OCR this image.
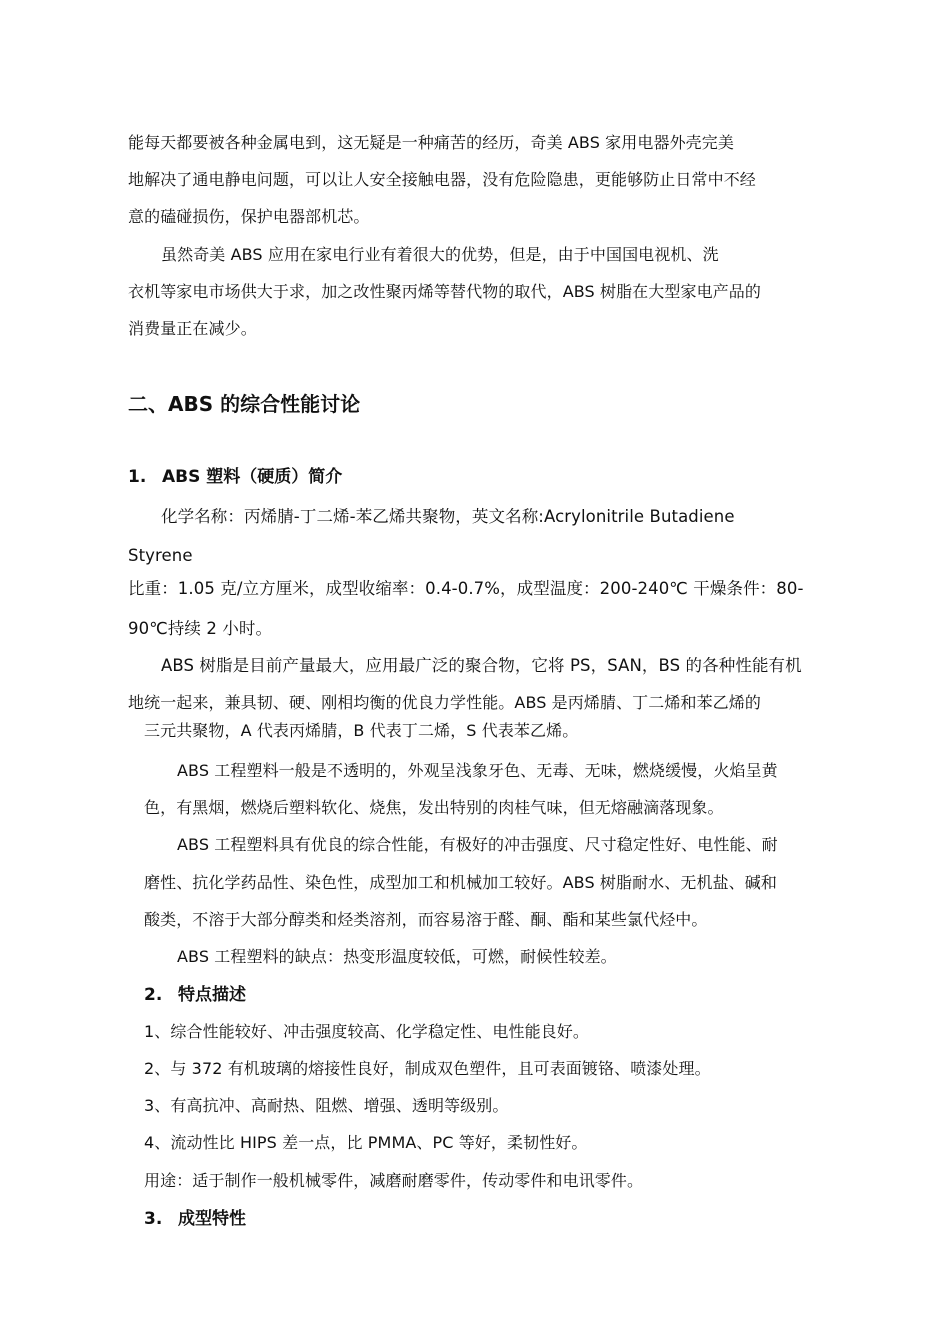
能每天都要被各种金属电到，这无疑是一种痛苦的经历，奇美 ABS 家用电器外壳完美
地解决了通电静电问题，可以让人安全接触电器，没有危险隐患，更能够防止日常中不经
意的磕碰损伤，保护电器部机芯。
虽然奇美 ABS 应用在家电行业有着很大的优势，但是，由于中国国电视机、洗
衣机等家电市场供大于求，加之改性聚丙烯等替代物的取代，ABS 树脂在大型家电产品的
消费量正在减少。
二、ABS 的综合性能讨论
1. ABS 塑料（硬质）简介
化学名称：丙烯腈-丁二烯-苯乙烯共聚物，英文名称:Acrylonitrile Butadiene
Styrene
比重：1.05 克/立方厘米，成型收缩率：0.4-0.7%，成型温度：200-240℃ 干燥条件：80-
90℃持续 2 小时。
ABS 树脂是目前产量最大，应用最广泛的聚合物，它将 PS，SAN，BS 的各种性能有机
地统一起来，兼具韧、硬、刚相均衡的优良力学性能。ABS 是丙烯腈、丁二烯和苯乙烯的
三元共聚物，A 代表丙烯腈，B 代表丁二烯，S 代表苯乙烯。
ABS 工程塑料一般是不透明的，外观呈浅象牙色、无毒、无味，燃烧缓慢，火焰呈黄
色，有黑烟，燃烧后塑料软化、烧焦，发出特别的肉桂气味，但无熔融滴落现象。
ABS 工程塑料具有优良的综合性能，有极好的冲击强度、尺寸稳定性好、电性能、耐
磨性、抗化学药品性、染色性，成型加工和机械加工较好。ABS 树脂耐水、无机盐、碱和
酸类，不溶于大部分醇类和烃类溶剂，而容易溶于醛、酮、酯和某些氯代烃中。
ABS 工程塑料的缺点：热变形温度较低，可燃，耐候性较差。
2. 特点描述
1、综合性能较好、冲击强度较高、化学稳定性、电性能良好。
2、与 372 有机玻璃的熔接性良好，制成双色塑件，且可表面镀铬、喷漆处理。
3、有高抗冲、高耐热、阻燃、增强、透明等级别。
4、流动性比 HIPS 差一点，比 PMMA、PC 等好，柔韧性好。
用途：适于制作一般机械零件，减磨耐磨零件，传动零件和电讯零件。
3. 成型特性
